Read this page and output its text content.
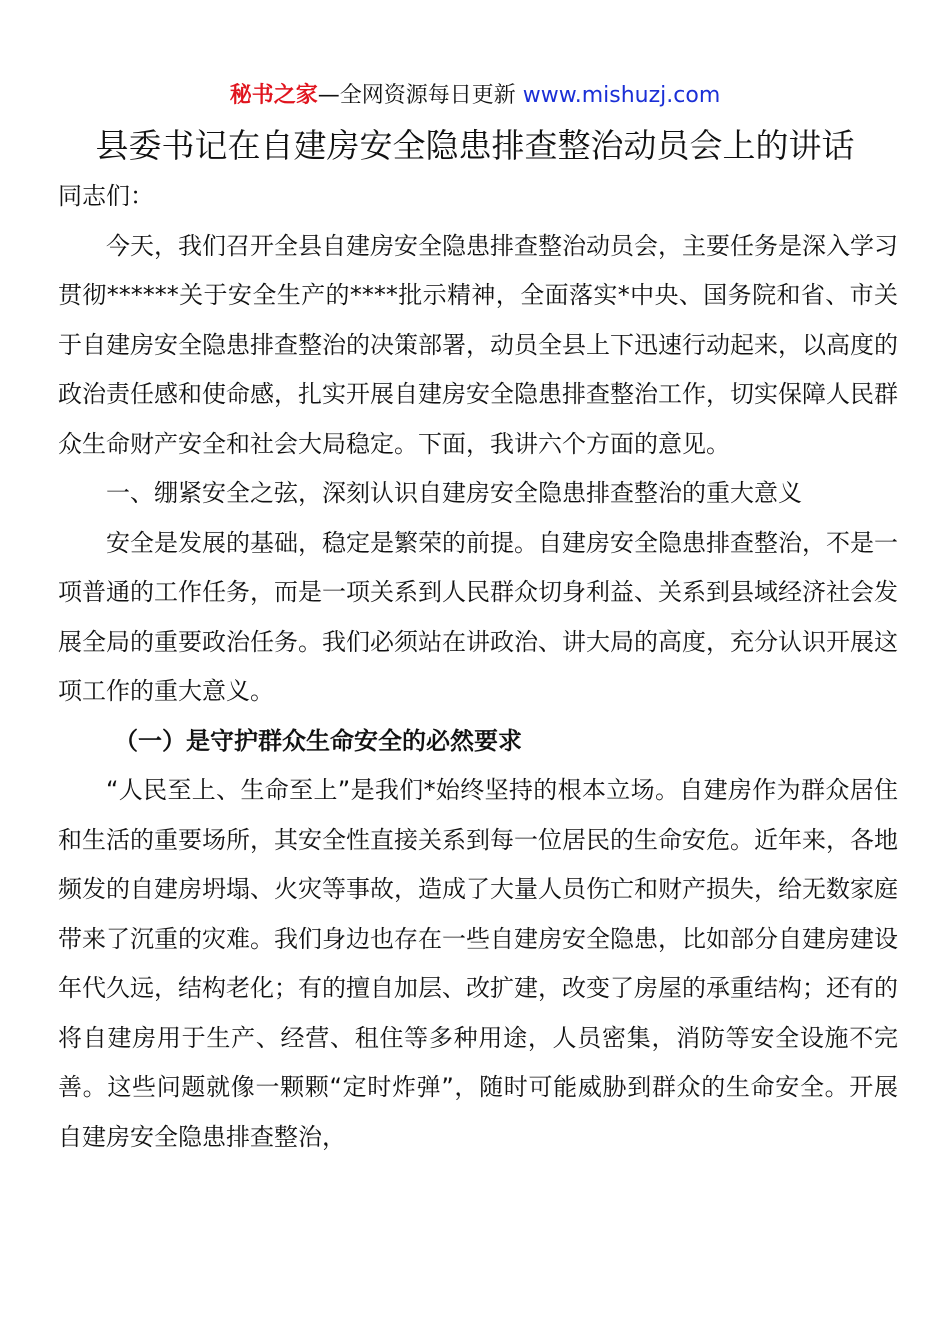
秘书之家—全网资源每日更新 www.mishuzj.com
县委书记在自建房安全隐患排查整治动员会上的讲话

同志们：

今天，我们召开全县自建房安全隐患排查整治动员会，主要任务是深入学习贯彻******关于安全生产的****批示精神，全面落实*中央、国务院和省、市关于自建房安全隐患排查整治的决策部署，动员全县上下迅速行动起来，以高度的政治责任感和使命感，扎实开展自建房安全隐患排查整治工作，切实保障人民群众生命财产安全和社会大局稳定。下面，我讲六个方面的意见。

一、绷紧安全之弦，深刻认识自建房安全隐患排查整治的重大意义

安全是发展的基础，稳定是繁荣的前提。自建房安全隐患排查整治，不是一项普通的工作任务，而是一项关系到人民群众切身利益、关系到县域经济社会发展全局的重要政治任务。我们必须站在讲政治、讲大局的高度，充分认识开展这项工作的重大意义。

（一）是守护群众生命安全的必然要求

“人民至上、生命至上”是我们*始终坚持的根本立场。自建房作为群众居住和生活的重要场所，其安全性直接关系到每一位居民的生命安危。近年来，各地频发的自建房坍塌、火灾等事故，造成了大量人员伤亡和财产损失，给无数家庭带来了沉重的灾难。我们身边也存在一些自建房安全隐患，比如部分自建房建设年代久远，结构老化；有的擅自加层、改扩建，改变了房屋的承重结构；还有的将自建房用于生产、经营、租住等多种用途，人员密集，消防等安全设施不完善。这些问题就像一颗颗“定时炸弹”，随时可能威胁到群众的生命安全。开展自建房安全隐患排查整治，
